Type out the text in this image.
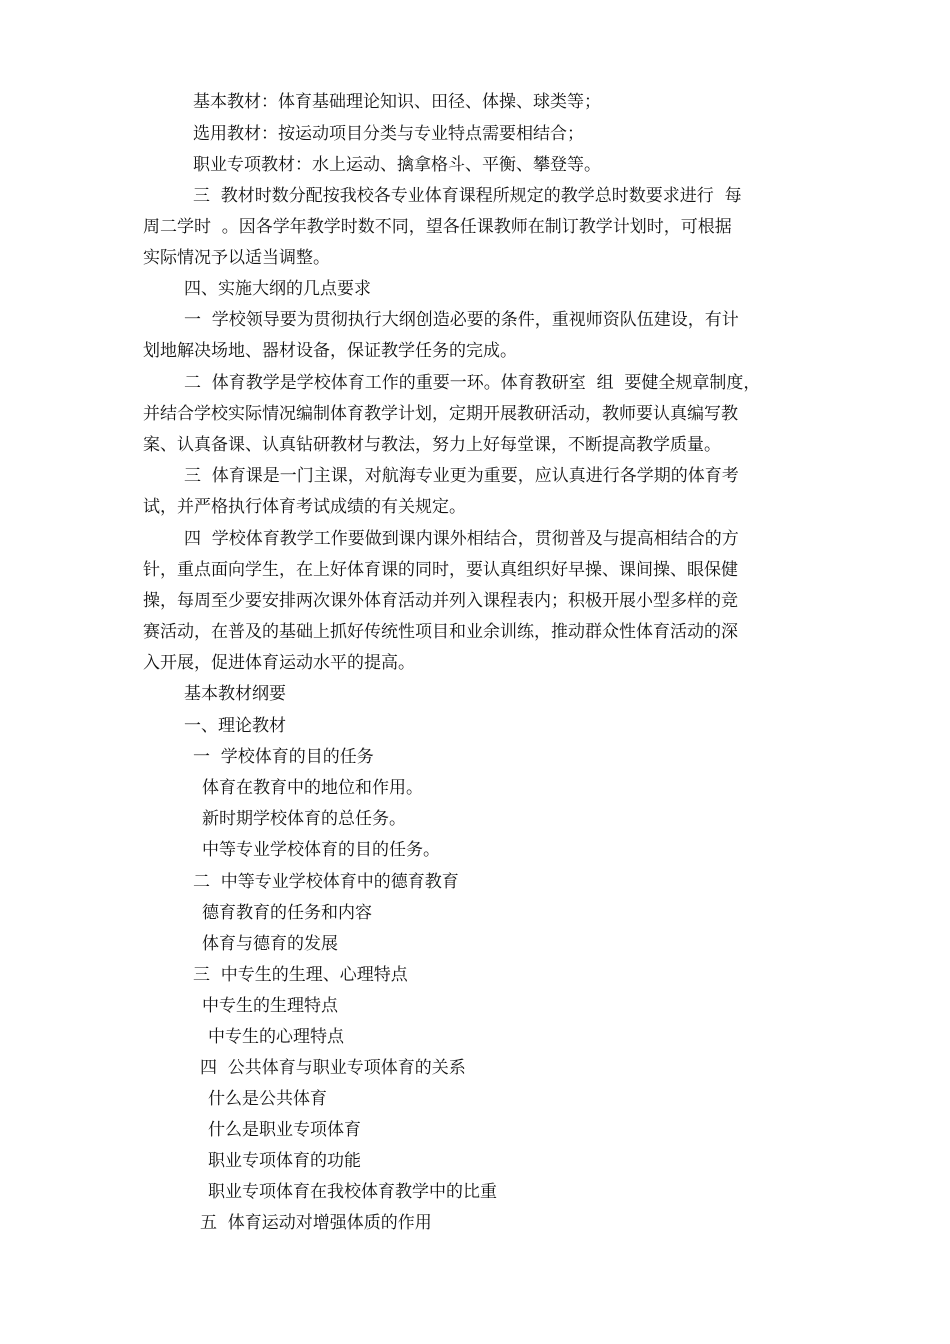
基本教材：体育基础理论知识、田径、体操、球类等；
选用教材：按运动项目分类与专业特点需要相结合；
职业专项教材：水上运动、擒拿格斗、平衡、攀登等。
三  教材时数分配按我校各专业体育课程所规定的教学总时数要求进行  每
周二学时  。因各学年教学时数不同，望各任课教师在制订教学计划时，可根据
实际情况予以适当调整。
四、实施大纲的几点要求
一  学校领导要为贯彻执行大纲创造必要的条件，重视师资队伍建设，有计
划地解决场地、器材设备，保证教学任务的完成。
二  体育教学是学校体育工作的重要一环。体育教研室  组  要健全规章制度，
并结合学校实际情况编制体育教学计划，定期开展教研活动，教师要认真编写教
案、认真备课、认真钻研教材与教法，努力上好每堂课，不断提高教学质量。
三  体育课是一门主课，对航海专业更为重要，应认真进行各学期的体育考
试，并严格执行体育考试成绩的有关规定。
四  学校体育教学工作要做到课内课外相结合，贯彻普及与提高相结合的方
针，重点面向学生，在上好体育课的同时，要认真组织好早操、课间操、眼保健
操，每周至少要安排两次课外体育活动并列入课程表内；积极开展小型多样的竞
赛活动，在普及的基础上抓好传统性项目和业余训练，推动群众性体育活动的深
入开展，促进体育运动水平的提高。
基本教材纲要
一、理论教材
一  学校体育的目的任务
体育在教育中的地位和作用。
新时期学校体育的总任务。
中等专业学校体育的目的任务。
二  中等专业学校体育中的德育教育
德育教育的任务和内容
体育与德育的发展
三  中专生的生理、心理特点
中专生的生理特点
中专生的心理特点
四  公共体育与职业专项体育的关系
什么是公共体育
什么是职业专项体育
职业专项体育的功能
职业专项体育在我校体育教学中的比重
五  体育运动对增强体质的作用
